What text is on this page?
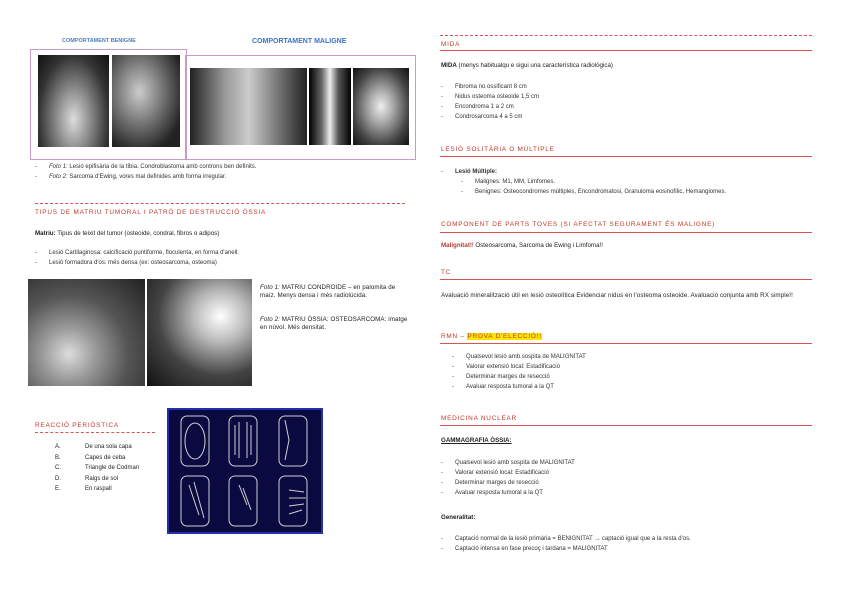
COMPORTAMENT BENIGNE	COMPORTAMENT MALIGNE
- Foto 1: Lesió epifisària de la tíbia. Condroblastoma amb controns ben definits.
- Foto 2: Sarcoma d'Ewing, vores mal definides amb forma irregular.
TIPUS DE MATRIU TUMORAL I PATRÓ DE DESTRUCCIÓ ÒSSIA
Matriu: Tipus de teixit del tumor (osteoide, condral, fibros o adipos)
- Lesió Cartilaginosa: calcificació puntiforme, floculenta, en forma d'anell.
- Lesió formadora d'os: més densa (ex: osteosarcoma, osteoma)
Foto 1: MATRIU CONDROIDE – en palomita de maíz. Menys densa i més radiolúcida.
Foto 2: MATRIU ÒSSIA: OSTEOSARCOMA: imatge en núvol. Més densitat.
REACCIÓ PERIÒSTICA
A.	De una sola capa
B.	Capes de ceba
C.	Triangle de Codman
D.	Raigs de sol
E.	En raspall
MIDA
MIDA (menys habitualqu e sigui una característica radiològica)
- Fibroma no ossificant 8 cm
- Nidus osteoma osteoide 1,5 cm
- Encondroma 1 a 2 cm
- Condrosarcoma 4 a 5 cm
LESIÓ SOLITÀRIA O MÚLTIPLE
- Lesió Múltiple:
- Malignes: M1, MM, Limfomes.
- Benignes: Osteocondromes múltiples, Encondromatosi, Granuloma eosinofílic, Hemangiomes.
COMPONENT DE PARTS TOVES (SI AFECTAT SEGURAMENT ÉS MALIGNE)
Malignitat!! Osteosarcoma, Sarcoma de Ewing i Limfoma!!
TC
Avaluació mineralització útil en lesió osteolítica Evidenciar nidus en l'osteoma osteoide. Avaluació conjunta amb RX simple!!
RMN – PROVA D'ELECCIÓ!!
- Qualsevol lesió amb sospita de MALIGNITAT
- Valorar extensió local: Estadificació
- Determinar marges de resecció
- Avaluar resposta tumoral a la QT
MEDICINA NUCLEAR
GAMMAGRAFIA ÒSSIA:
- Qualsevol lesió amb sospita de MALIGNITAT
- Valorar extensió local: Estadificació
- Determinar marges de resecció
- Avaluar resposta tumoral a la QT
Generalitat:
- Captació normal de la lesió primària = BENIGNITAT → captació igual que a la resta d'os.
- Captació intensa en fase precoç i tardana = MALIGNITAT
